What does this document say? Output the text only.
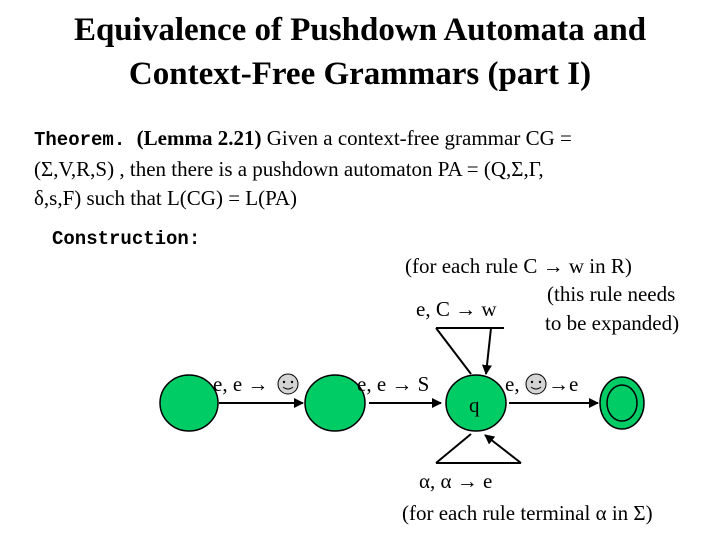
Equivalence of Pushdown Automata and
Context-Free Grammars (part I)
Theorem. (Lemma 2.21) Given a context-free grammar CG =
(Σ,V,R,S) , then there is a pushdown automaton PA = (Q,Σ,Γ,
δ,s,F) such that L(CG) = L(PA)
Construction:
(for each rule C → w in R)
(this rule needs
to be expanded)
e, C → w
e, e →	e, e → S
q
e, →e
α, α → e
(for each rule terminal α in Σ)
